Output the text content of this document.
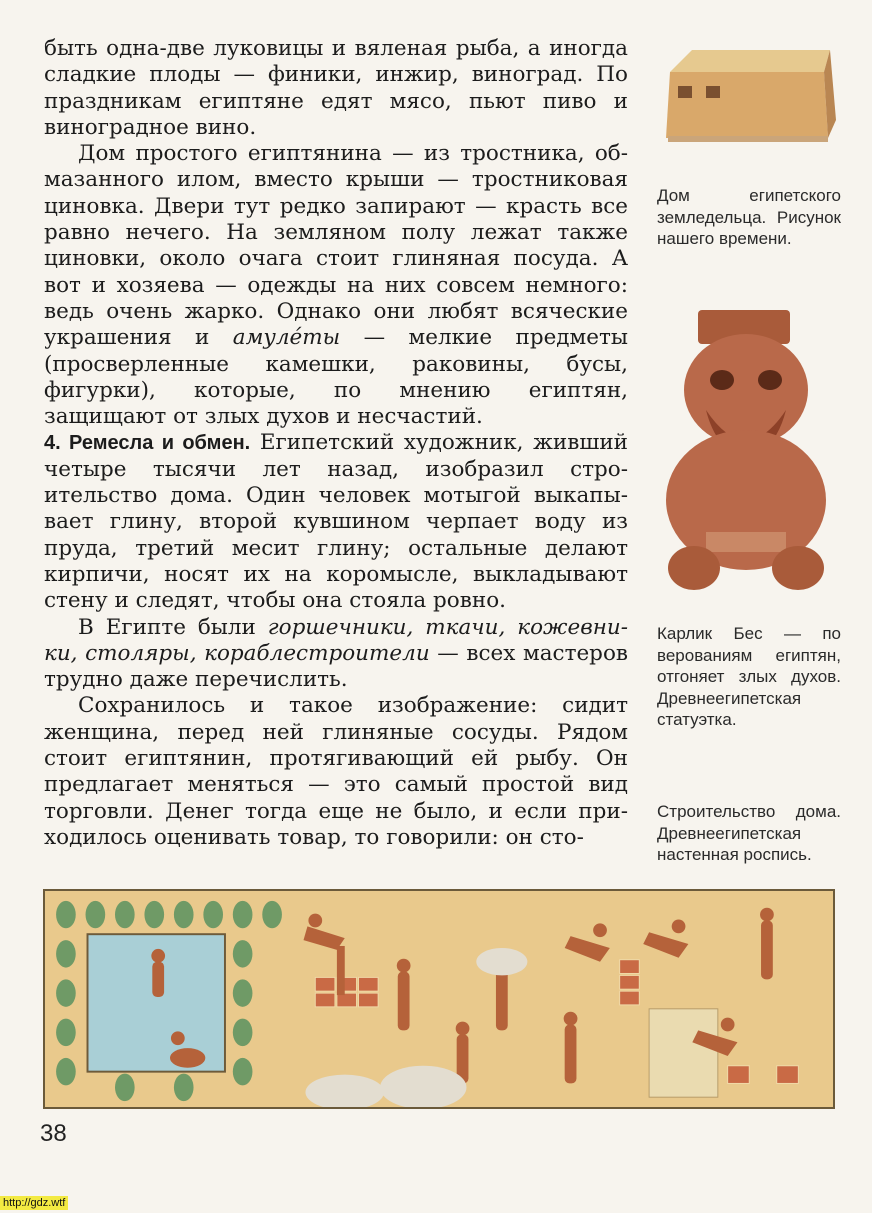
быть одна-две луковицы и вяленая рыба, а иногда сладкие плоды — финики, инжир, виноград. По праздникам египтяне едят мясо, пьют пиво и виноградное вино.

Дом простого египтянина — из тростника, обмазанного илом, вместо крыши — тростниковая циновка. Двери тут редко запирают — красть все равно нечего. На земляном полу лежат также циновки, около очага стоит глиняная посуда. А вот и хозяева — одежды на них совсем немного: ведь очень жарко. Однако они любят всяческие украшения и амулéты — мелкие предметы (просверленные камешки, раковины, бусы, фигурки), которые, по мнению египтян, защищают от злых духов и несчастий.

4. Ремесла и обмен. Египетский художник, живший четыре тысячи лет назад, изобразил строительство дома. Один человек мотыгой выкапывает глину, второй кувшином черпает воду из пруда, третий месит глину; остальные делают кирпичи, носят их на коромысле, выкладывают стену и следят, чтобы она стояла ровно.

В Египте были горшечники, ткачи, кожевники, столяры, кораблестроители — всех мастеров трудно даже перечислить.

Сохранилось и такое изображение: сидит женщина, перед ней глиняные сосуды. Рядом стоит египтянин, протягивающий ей рыбу. Он предлагает меняться — это самый простой вид торговли. Денег тогда еще не было, и если приходилось оценивать товар, то говорили: он сто-

Дом египетского земледельца. Рисунок нашего времени.
Карлик Бес — по верованиям египтян, отгоняет злых духов. Древнеегипетская статуэтка.
Строительство дома. Древнеегипетская настенная роспись.
38
http://gdz.wtf
